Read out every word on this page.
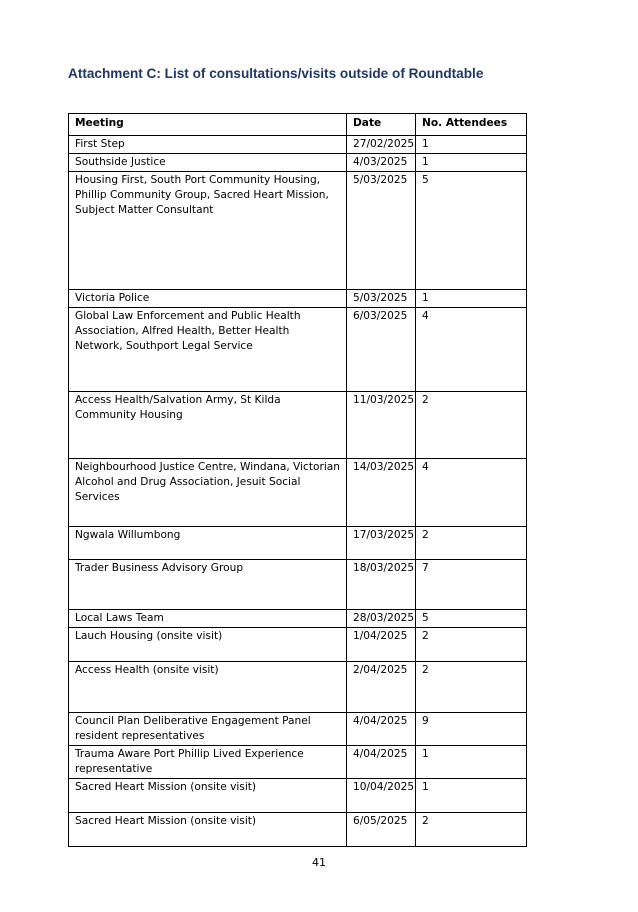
Attachment C: List of consultations/visits outside of Roundtable
Meeting	Date	No. Attendees
First Step	27/02/2025	1
Southside Justice	4/03/2025	1
Housing First, South Port Community Housing, Phillip Community Group, Sacred Heart Mission, Subject Matter Consultant	5/03/2025	5
Victoria Police	5/03/2025	1
Global Law Enforcement and Public Health Association, Alfred Health, Better Health Network, Southport Legal Service	6/03/2025	4
Access Health/Salvation Army, St Kilda Community Housing	11/03/2025	2
Neighbourhood Justice Centre, Windana, Victorian Alcohol and Drug Association, Jesuit Social Services	14/03/2025	4
Ngwala Willumbong	17/03/2025	2
Trader Business Advisory Group	18/03/2025	7
Local Laws Team	28/03/2025	5
Lauch Housing (onsite visit)	1/04/2025	2
Access Health (onsite visit)	2/04/2025	2
Council Plan Deliberative Engagement Panel resident representatives	4/04/2025	9
Trauma Aware Port Phillip Lived Experience representative	4/04/2025	1
Sacred Heart Mission (onsite visit)	10/04/2025	1
Sacred Heart Mission (onsite visit)	6/05/2025	2
41
